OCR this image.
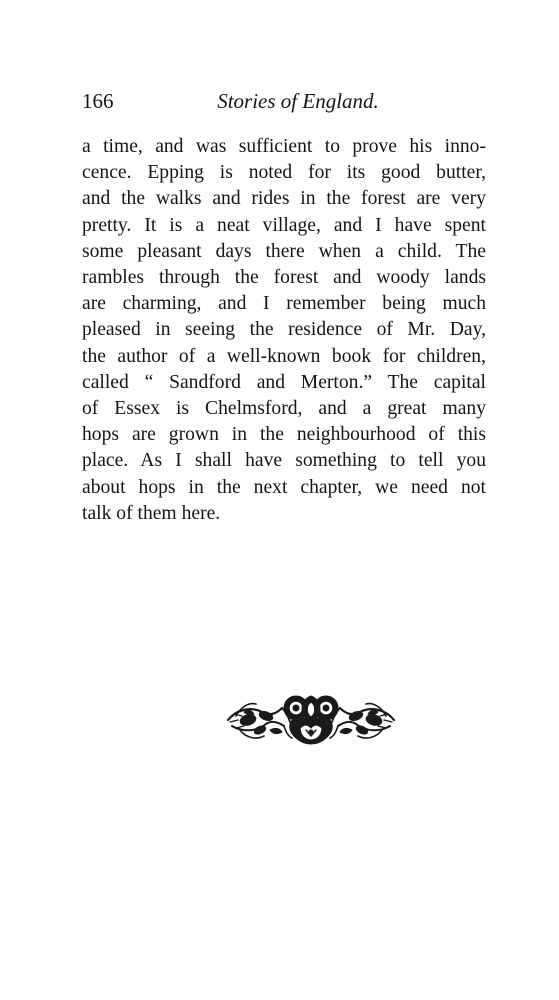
166	Stories of England.
a time, and was sufficient to prove his inno-
cence. Epping is noted for its good butter,
and the walks and rides in the forest are very
pretty. It is a neat village, and I have spent
some pleasant days there when a child. The
rambles through the forest and woody lands
are charming, and I remember being much
pleased in seeing the residence of Mr. Day,
the author of a well-known book for children,
called “ Sandford and Merton.” The capital
of Essex is Chelmsford, and a great many
hops are grown in the neighbourhood of this
place. As I shall have something to tell you
about hops in the next chapter, we need not
talk of them here.
